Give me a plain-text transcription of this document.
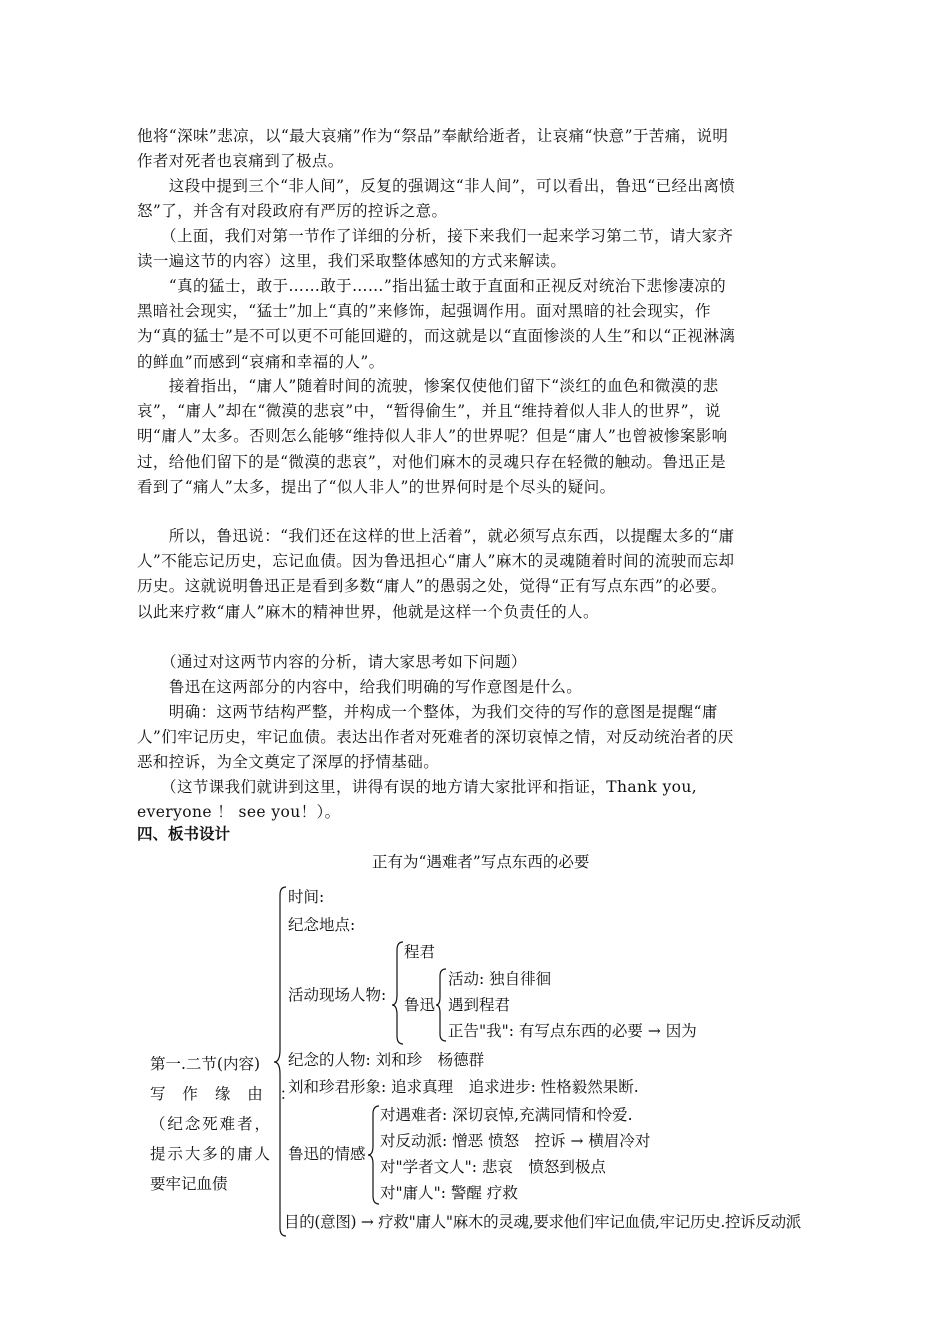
他将“深味”悲凉，以“最大哀痛”作为“祭品”奉献给逝者，让哀痛“快意”于苦痛，说明作者对死者也哀痛到了极点。

　　这段中提到三个“非人间”，反复的强调这“非人间”，可以看出，鲁迅“已经出离愤怒”了，并含有对段政府有严厉的控诉之意。

　　（上面，我们对第一节作了详细的分析，接下来我们一起来学习第二节，请大家齐读一遍这节的内容）这里，我们采取整体感知的方式来解读。

　　“真的猛士，敢于……敢于……”指出猛士敢于直面和正视反对统治下悲惨凄凉的黑暗社会现实，“猛士”加上“真的”来修饰，起强调作用。面对黑暗的社会现实，作为“真的猛士”是不可以更不可能回避的，而这就是以“直面惨淡的人生”和以“正视淋漓的鲜血”而感到“哀痛和幸福的人”。

　　接着指出，“庸人”随着时间的流驶，惨案仅使他们留下“淡红的血色和微漠的悲哀”，“庸人”却在“微漠的悲哀”中，“暂得偷生”，并且“维持着似人非人的世界”，说明“庸人”太多。否则怎么能够“维持似人非人”的世界呢？但是“庸人”也曾被惨案影响过，给他们留下的是“微漠的悲哀”，对他们麻木的灵魂只存在轻微的触动。鲁迅正是看到了“痛人”太多，提出了“似人非人”的世界何时是个尽头的疑问。

　　所以，鲁迅说：“我们还在这样的世上活着”，就必须写点东西，以提醒太多的“庸人”不能忘记历史，忘记血债。因为鲁迅担心“庸人”麻木的灵魂随着时间的流驶而忘却历史。这就说明鲁迅正是看到多数“庸人”的愚弱之处，觉得“正有写点东西”的必要。以此来疗救“庸人”麻木的精神世界，他就是这样一个负责任的人。

　　（通过对这两节内容的分析，请大家思考如下问题）

　　鲁迅在这两部分的内容中，给我们明确的写作意图是什么。

　　明确：这两节结构严整，并构成一个整体，为我们交待的写作的意图是提醒“庸人”们牢记历史，牢记血债。表达出作者对死难者的深切哀悼之情，对反动统治者的厌恶和控诉，为全文奠定了深厚的抒情基础。

　　（这节课我们就讲到这里，讲得有误的地方请大家批评和指证，Thank you, everyone ！ see you！）。

四、板书设计

正有为“遇难者”写点东西的必要

第一.二节(内容)

写 作 缘 由 ：

（纪念死难者，提示大多的庸人要牢记血债

时间:
纪念地点:
程君
活动现场人物:
活动: 独自徘徊
鲁迅 遇到程君
正告"我": 有写点东西的必要 → 因为
纪念的人物: 刘和珍　杨德群
刘和珍君形象: 追求真理　追求进步: 性格毅然果断.
对遇难者: 深切哀悼,充满同情和怜爱.
对反动派: 憎恶 愤怒　控诉 → 横眉冷对
鲁迅的情感
对"学者文人": 悲哀　愤怒到极点
对"庸人": 警醒 疗救
目的(意图) → 疗救"庸人"麻木的灵魂,要求他们牢记血债,牢记历史.控诉反动派
